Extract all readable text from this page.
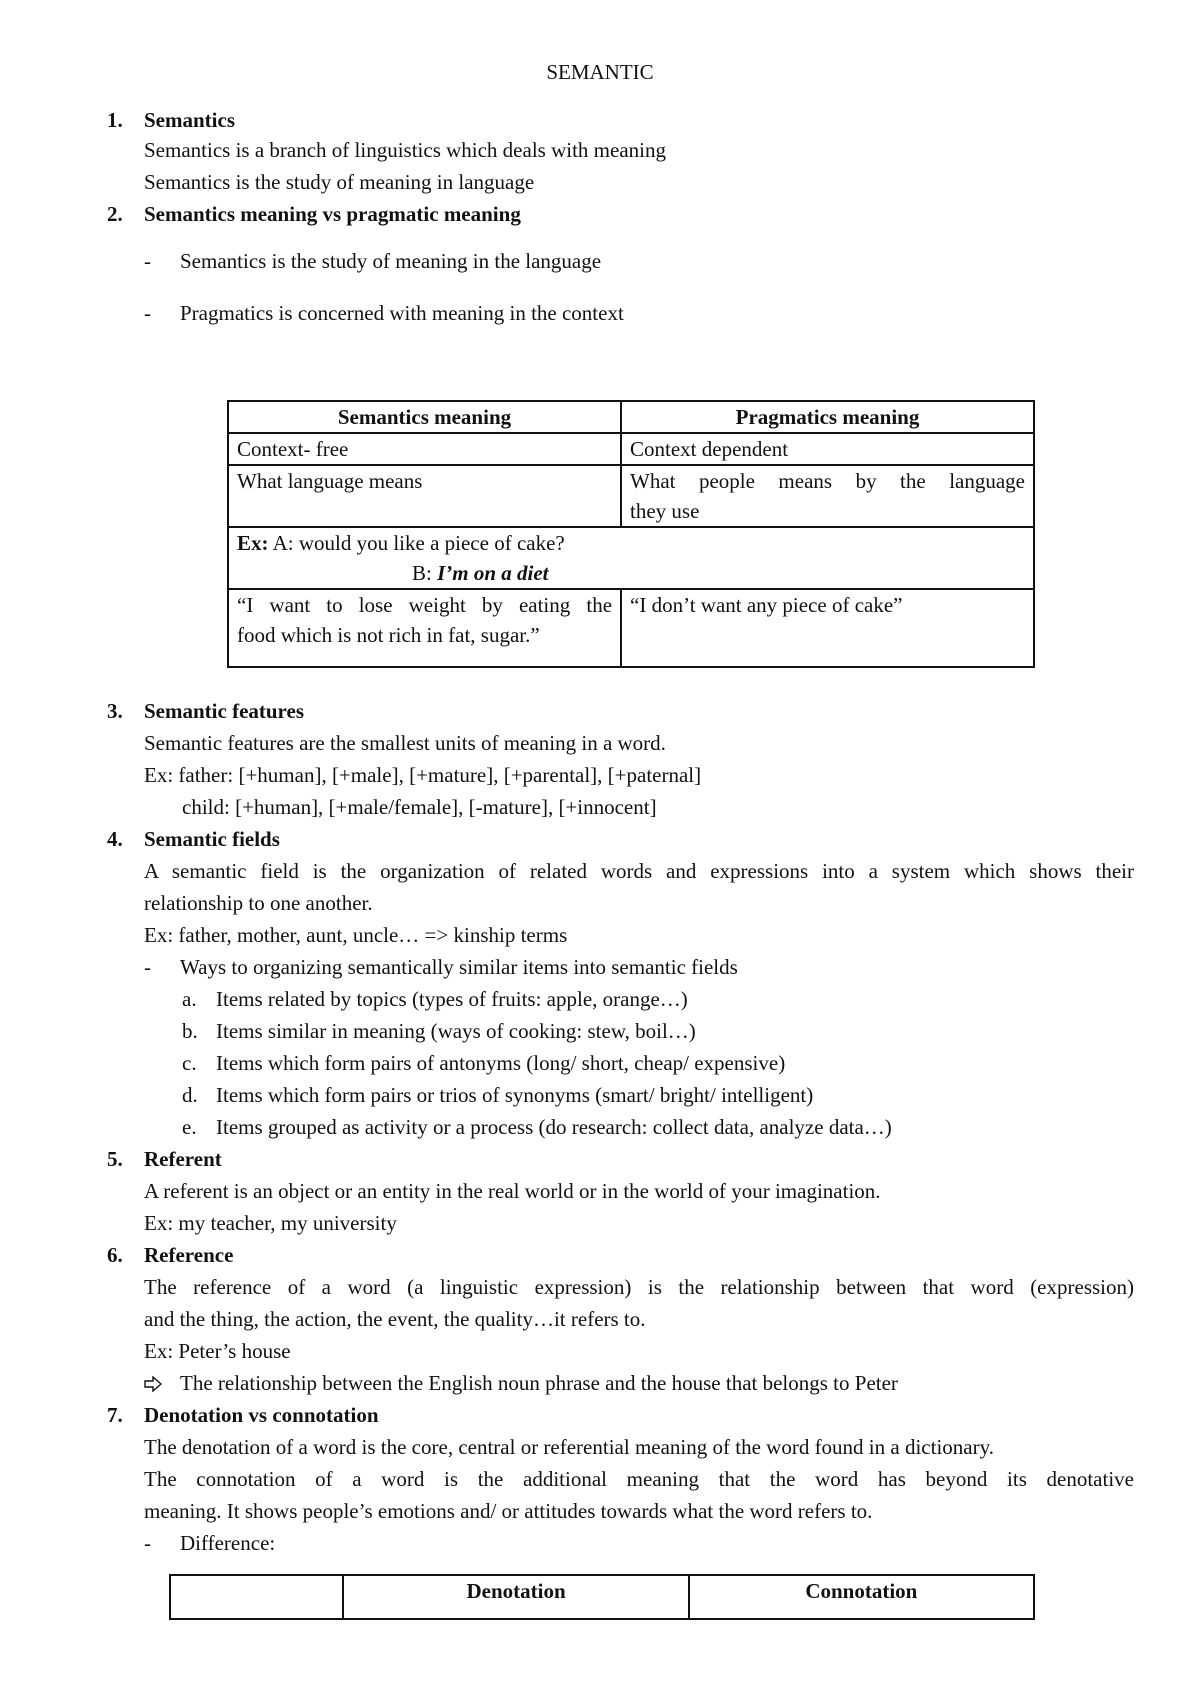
SEMANTIC
1. Semantics
Semantics is a branch of linguistics which deals with meaning
Semantics is the study of meaning in language
2. Semantics meaning vs pragmatic meaning
- Semantics is the study of meaning in the language
- Pragmatics is concerned with meaning in the context
Semantics meaning	Pragmatics meaning
Context- free	Context dependent
What language means	What people means by the language
they use

Ex: A: would you like a piece of cake?
B: I’m on a diet	

“I want to lose weight by eating the
food which is not rich in fat, sugar.”	“I don’t want any piece of cake”
3. Semantic features
Semantic features are the smallest units of meaning in a word.
Ex: father: [+human], [+male], [+mature], [+parental], [+paternal]
child: [+human], [+male/female], [-mature], [+innocent]
4. Semantic fields
A semantic field is the organization of related words and expressions into a system which shows their
relationship to one another.
Ex: father, mother, aunt, uncle… => kinship terms
- Ways to organizing semantically similar items into semantic fields
a. Items related by topics (types of fruits: apple, orange…)
b. Items similar in meaning (ways of cooking: stew, boil…)
c. Items which form pairs of antonyms (long/ short, cheap/ expensive)
d. Items which form pairs or trios of synonyms (smart/ bright/ intelligent)
e. Items grouped as activity or a process (do research: collect data, analyze data…)
5. Referent
A referent is an object or an entity in the real world or in the world of your imagination.
Ex: my teacher, my university
6. Reference
The reference of a word (a linguistic expression) is the relationship between that word (expression)
and the thing, the action, the event, the quality…it refers to.
Ex: Peter’s house
The relationship between the English noun phrase and the house that belongs to Peter
7. Denotation vs connotation
The denotation of a word is the core, central or referential meaning of the word found in a dictionary.
The connotation of a word is the additional meaning that the word has beyond its denotative
meaning. It shows people’s emotions and/ or attitudes towards what the word refers to.
- Difference:
	Denotation	Connotation
